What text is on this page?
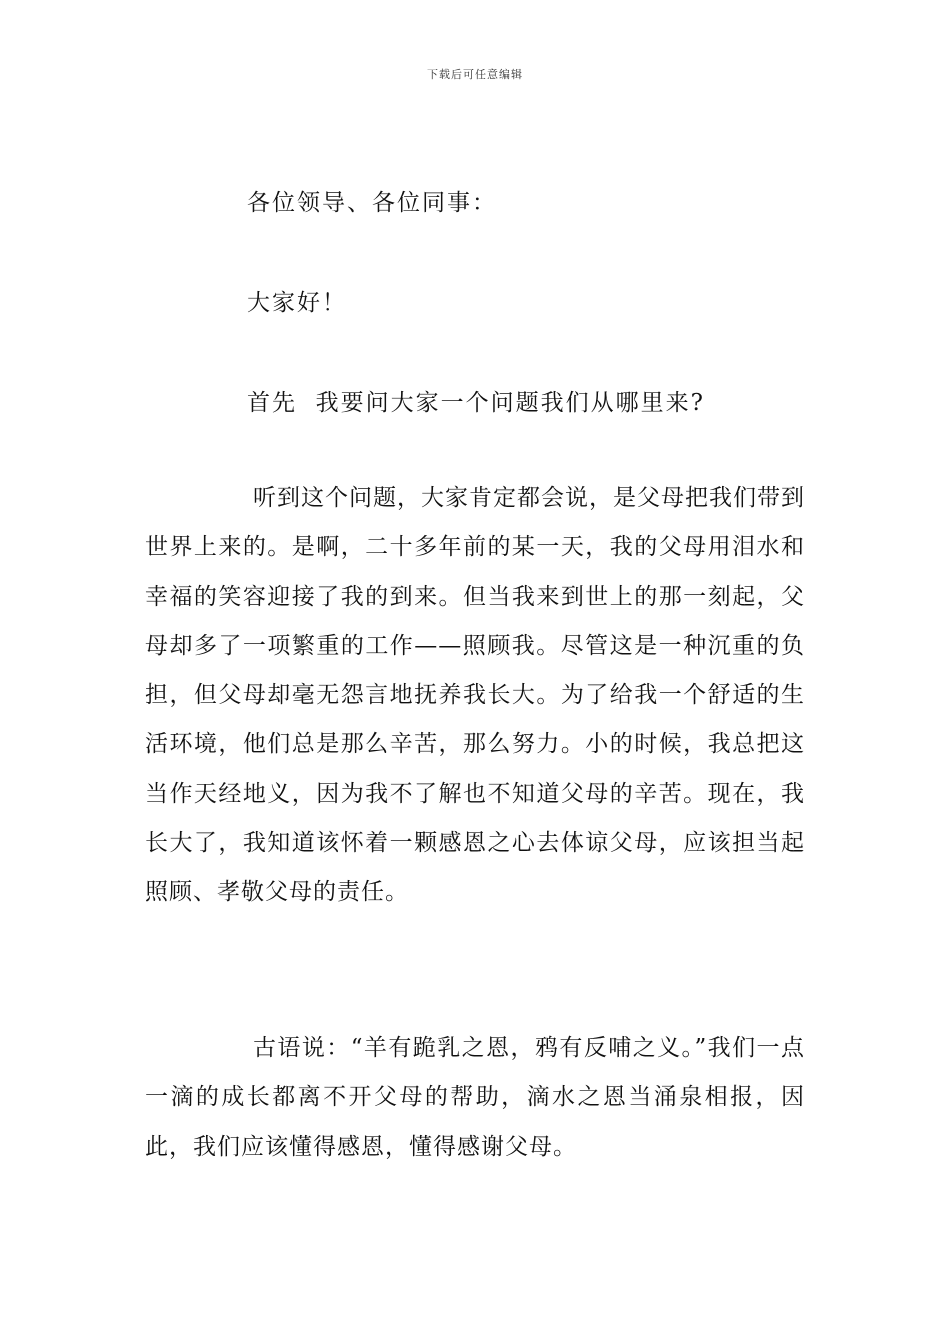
下载后可任意编辑
各位领导、各位同事：
大家好！
首先  我要问大家一个问题我们从哪里来?
听到这个问题，大家肯定都会说，是父母把我们带到世界上来的。是啊，二十多年前的某一天，我的父母用泪水和幸福的笑容迎接了我的到来。但当我来到世上的那一刻起，父母却多了一项繁重的工作——照顾我。尽管这是一种沉重的负担，但父母却毫无怨言地抚养我长大。为了给我一个舒适的生活环境，他们总是那么辛苦，那么努力。小的时候，我总把这当作天经地义，因为我不了解也不知道父母的辛苦。现在，我长大了，我知道该怀着一颗感恩之心去体谅父母，应该担当起照顾、孝敬父母的责任。
古语说：“羊有跪乳之恩，鸦有反哺之义。”我们一点一滴的成长都离不开父母的帮助，滴水之恩当涌泉相报，因此，我们应该懂得感恩，懂得感谢父母。
